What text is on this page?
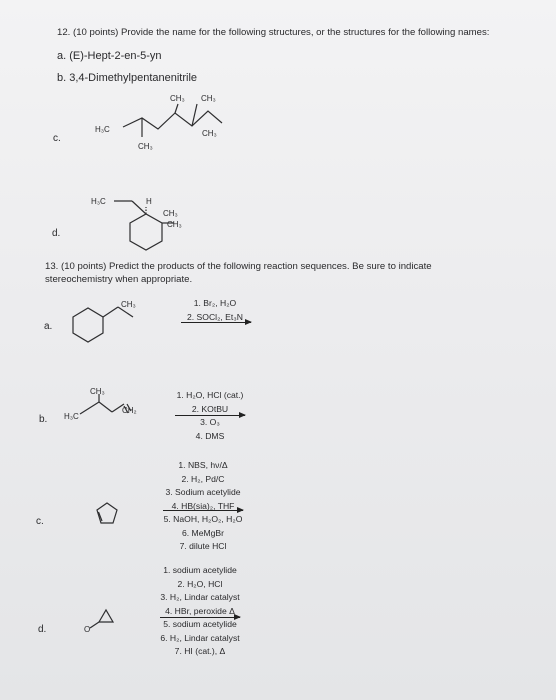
12. (10 points) Provide the name for the following structures, or the structures for the following names:
a. (E)-Hept-2-en-5-yn
b. 3,4-Dimethylpentanenitrile
c.
H₃C
CH₃
CH₃ CH₃
CH₃
d.
H₃C	H
CH₃
CH₃
13. (10 points) Predict the products of the following reaction sequences. Be sure to indicate
stereochemistry when appropriate.
a.
CH₃	1. Br₂, H₂O
2. SOCl₂, Et₃N
b. H₃C
CH₃
CH₂
1. H₂O, HCl (cat.)
2. KOtBU
3. O₃
4. DMS
c.
1. NBS, hν/Δ
2. H₂, Pd/C
3. Sodium acetylide
4. HB(sia)₂, THF
5. NaOH, H₂O₂, H₂O
6. MeMgBr
7. dilute HCl
d.	O
1. sodium acetylide
2. H₂O, HCl
3. H₂, Lindar catalyst
4. HBr, peroxide Δ
5. sodium acetylide
6. H₂, Lindar catalyst
7. HI (cat.), Δ
